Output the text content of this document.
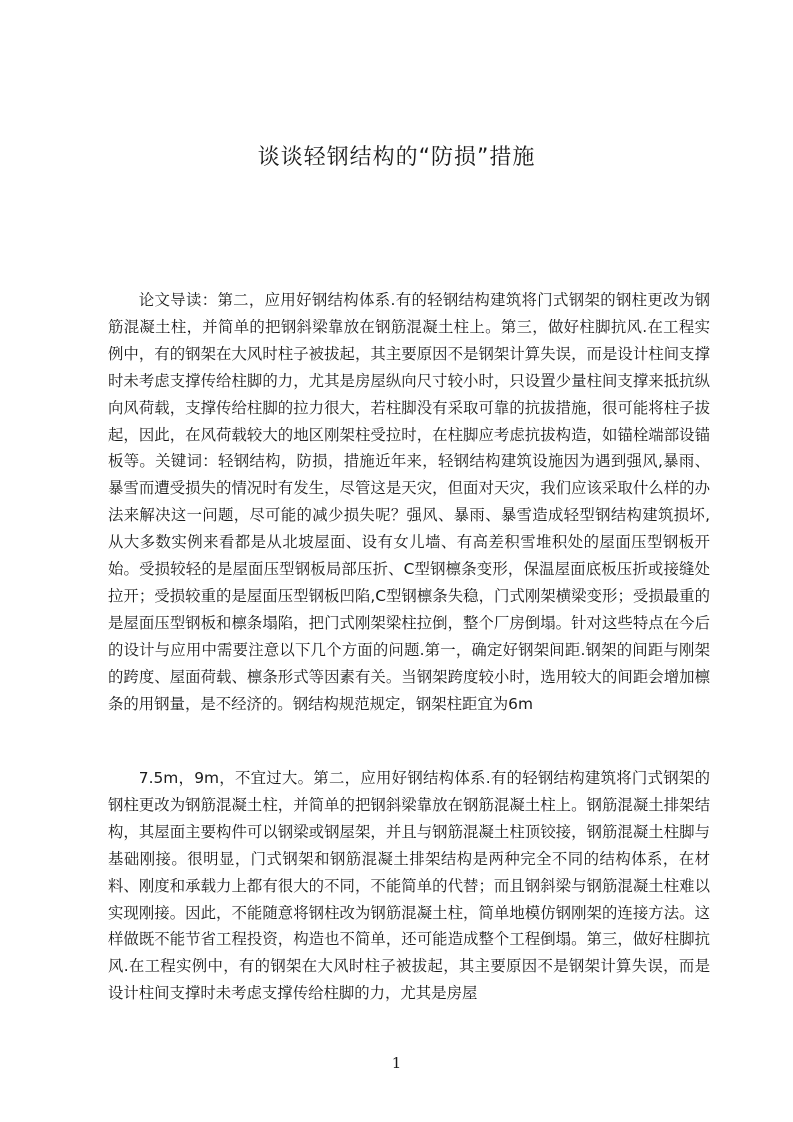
谈谈轻钢结构的“防损”措施

论文导读：第二，应用好钢结构体系.有的轻钢结构建筑将门式钢架的钢柱更改为钢筋混凝土柱，并简单的把钢斜梁靠放在钢筋混凝土柱上。第三，做好柱脚抗风.在工程实例中，有的钢架在大风时柱子被拔起，其主要原因不是钢架计算失误，而是设计柱间支撑时未考虑支撑传给柱脚的力，尤其是房屋纵向尺寸较小时，只设置少量柱间支撑来抵抗纵向风荷载，支撑传给柱脚的拉力很大，若柱脚没有采取可靠的抗拔措施，很可能将柱子拔起，因此，在风荷载较大的地区刚架柱受拉时，在柱脚应考虑抗拔构造，如锚栓端部设锚板等。关键词：轻钢结构，防损，措施近年来，轻钢结构建筑设施因为遇到强风,暴雨、暴雪而遭受损失的情况时有发生，尽管这是天灾，但面对天灾，我们应该采取什么样的办法来解决这一问题，尽可能的减少损失呢？强风、暴雨、暴雪造成轻型钢结构建筑损坏,从大多数实例来看都是从北坡屋面、设有女儿墙、有高差积雪堆积处的屋面压型钢板开始。受损较轻的是屋面压型钢板局部压折、C型钢檩条变形，保温屋面底板压折或接缝处拉开；受损较重的是屋面压型钢板凹陷,C型钢檩条失稳，门式刚架横梁变形；受损最重的是屋面压型钢板和檩条塌陷，把门式刚架梁柱拉倒，整个厂房倒塌。针对这些特点在今后的设计与应用中需要注意以下几个方面的问题.第一，确定好钢架间距.钢架的间距与刚架的跨度、屋面荷载、檩条形式等因素有关。当钢架跨度较小时，选用较大的间距会增加檩条的用钢量，是不经济的。钢结构规范规定，钢架柱距宜为6m

7.5m，9m，不宜过大。第二，应用好钢结构体系.有的轻钢结构建筑将门式钢架的钢柱更改为钢筋混凝土柱，并简单的把钢斜梁靠放在钢筋混凝土柱上。钢筋混凝土排架结构，其屋面主要构件可以钢梁或钢屋架，并且与钢筋混凝土柱顶铰接，钢筋混凝土柱脚与基础刚接。很明显，门式钢架和钢筋混凝土排架结构是两种完全不同的结构体系，在材料、刚度和承载力上都有很大的不同，不能简单的代替；而且钢斜梁与钢筋混凝土柱难以实现刚接。因此，不能随意将钢柱改为钢筋混凝土柱，简单地模仿钢刚架的连接方法。这样做既不能节省工程投资，构造也不简单，还可能造成整个工程倒塌。第三，做好柱脚抗风.在工程实例中，有的钢架在大风时柱子被拔起，其主要原因不是钢架计算失误，而是设计柱间支撑时未考虑支撑传给柱脚的力，尤其是房屋

1
